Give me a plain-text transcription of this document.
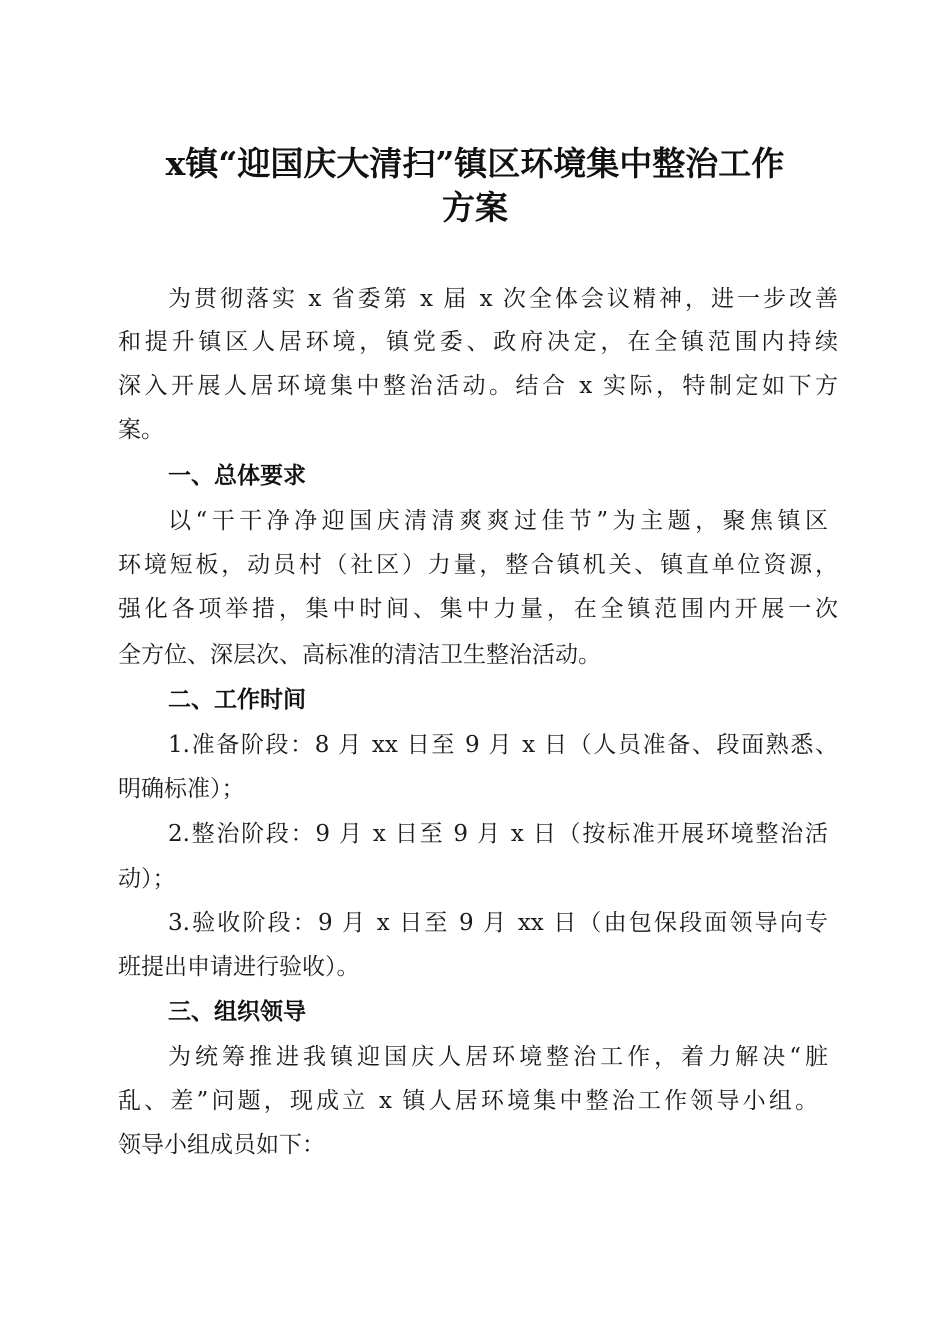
x镇“迎国庆大清扫”镇区环境集中整治工作
方案
为贯彻落实 x 省委第 x 届 x 次全体会议精神，进一步改善
和提升镇区人居环境，镇党委、政府决定，在全镇范围内持续
深入开展人居环境集中整治活动。结合 x 实际，特制定如下方
案。
一、总体要求
以“干干净净迎国庆清清爽爽过佳节”为主题，聚焦镇区
环境短板，动员村（社区）力量，整合镇机关、镇直单位资源，
强化各项举措，集中时间、集中力量，在全镇范围内开展一次
全方位、深层次、高标准的清洁卫生整治活动。
二、工作时间
1.准备阶段：8 月 xx 日至 9 月 x 日（人员准备、段面熟悉、
明确标准）；
2.整治阶段：9 月 x 日至 9 月 x 日（按标准开展环境整治活
动）；
3.验收阶段：9 月 x 日至 9 月 xx 日（由包保段面领导向专
班提出申请进行验收）。
三、组织领导
为统筹推进我镇迎国庆人居环境整治工作，着力解决“脏
乱、差”问题，现成立 x 镇人居环境集中整治工作领导小组。
领导小组成员如下：
